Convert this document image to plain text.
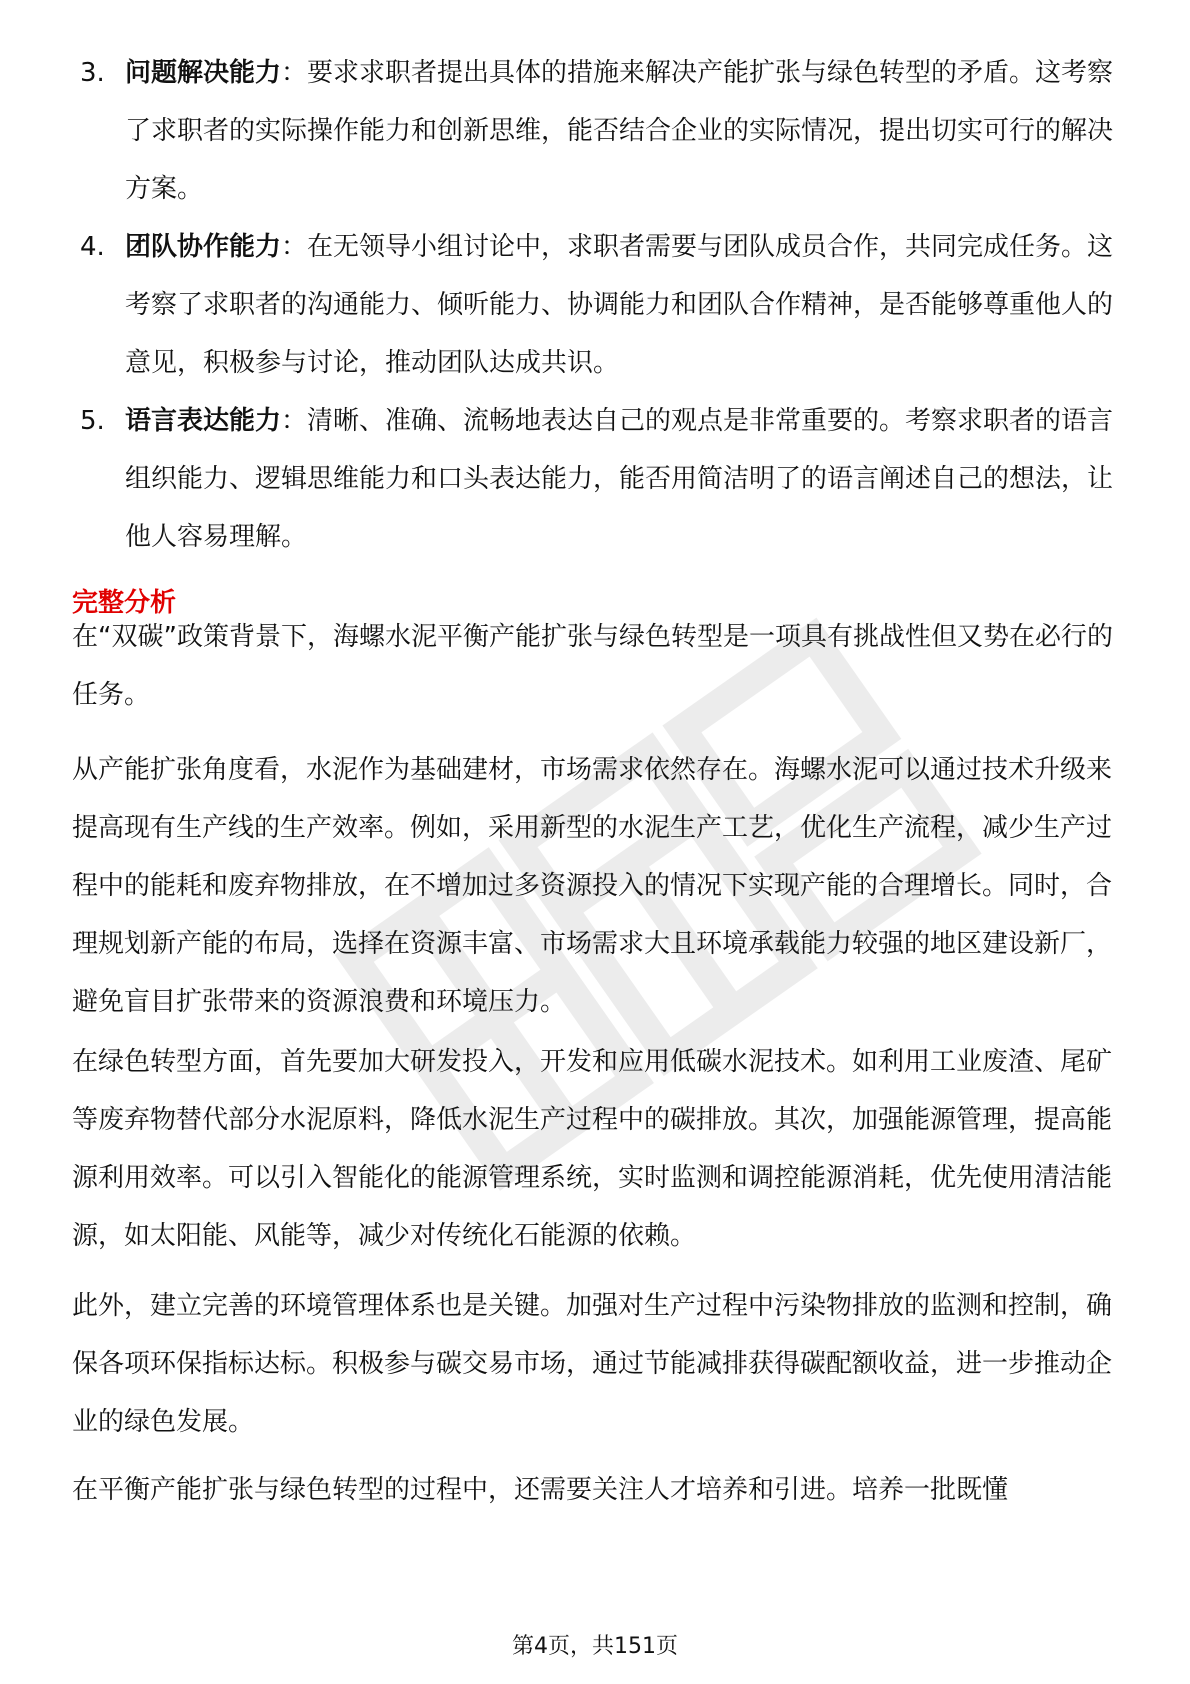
3. 问题解决能力：要求求职者提出具体的措施来解决产能扩张与绿色转型的矛盾。这考察了求职者的实际操作能力和创新思维，能否结合企业的实际情况，提出切实可行的解决方案。
4. 团队协作能力：在无领导小组讨论中，求职者需要与团队成员合作，共同完成任务。这考察了求职者的沟通能力、倾听能力、协调能力和团队合作精神，是否能够尊重他人的意见，积极参与讨论，推动团队达成共识。
5. 语言表达能力：清晰、准确、流畅地表达自己的观点是非常重要的。考察求职者的语言组织能力、逻辑思维能力和口头表达能力，能否用简洁明了的语言阐述自己的想法，让他人容易理解。
完整分析

在“双碳”政策背景下，海螺水泥平衡产能扩张与绿色转型是一项具有挑战性但又势在必行的任务。

从产能扩张角度看，水泥作为基础建材，市场需求依然存在。海螺水泥可以通过技术升级来提高现有生产线的生产效率。例如，采用新型的水泥生产工艺，优化生产流程，减少生产过程中的能耗和废弃物排放，在不增加过多资源投入的情况下实现产能的合理增长。同时，合理规划新产能的布局，选择在资源丰富、市场需求大且环境承载能力较强的地区建设新厂，避免盲目扩张带来的资源浪费和环境压力。

在绿色转型方面，首先要加大研发投入，开发和应用低碳水泥技术。如利用工业废渣、尾矿等废弃物替代部分水泥原料，降低水泥生产过程中的碳排放。其次，加强能源管理，提高能源利用效率。可以引入智能化的能源管理系统，实时监测和调控能源消耗，优先使用清洁能源，如太阳能、风能等，减少对传统化石能源的依赖。

此外，建立完善的环境管理体系也是关键。加强对生产过程中污染物排放的监测和控制，确保各项环保指标达标。积极参与碳交易市场，通过节能减排获得碳配额收益，进一步推动企业的绿色发展。

在平衡产能扩张与绿色转型的过程中，还需要关注人才培养和引进。培养一批既懂

第4页，共151页
